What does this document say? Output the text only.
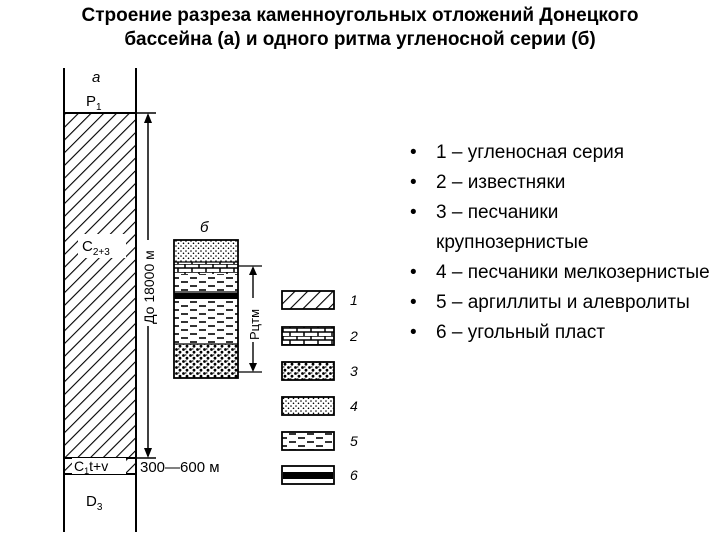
Строение разреза каменноугольных отложений Донецкого
бассейна (а) и одного ритма угленосной серии (б)
а
$P_1$
$C_{2+3}$
$C_1t+v$
$D_3$
До 18000 м
300—600 м
б
Рцтм
1
2
3
4
5
6
• 1 – угленосная серия
• 2 – известняки
• 3 – песчаники крупнозернистые
• 4 – песчаники мелкозернистые
• 5 – аргиллиты и алевролиты
• 6 – угольный пласт
